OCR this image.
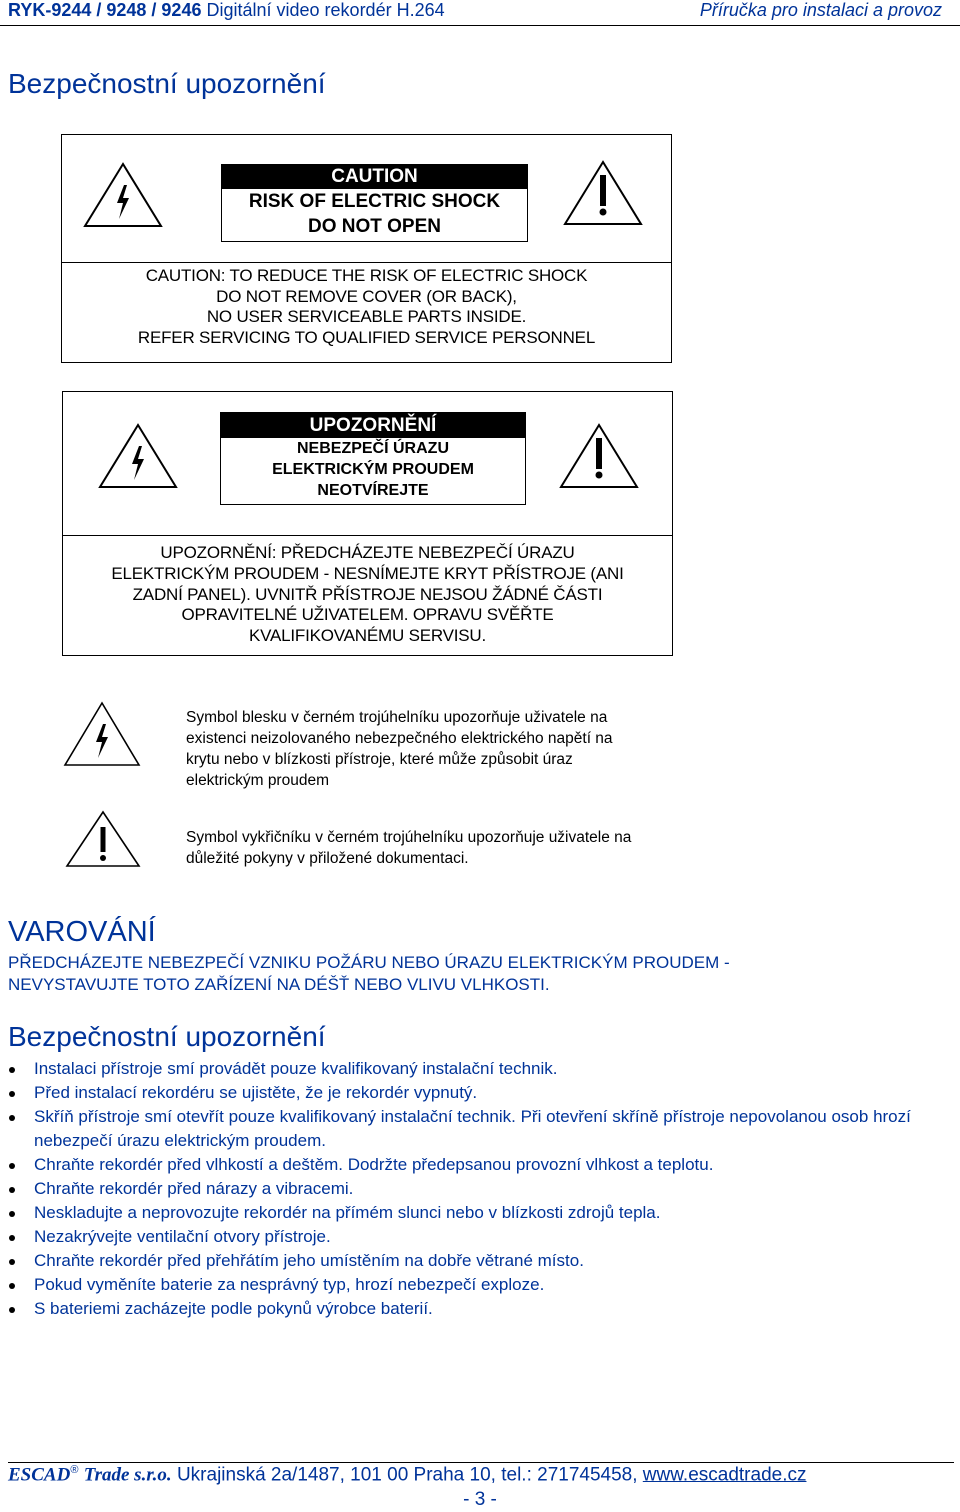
RYK-9244 / 9248 / 9246 Digitální video rekordér H.264	Příručka pro instalaci a provoz
Bezpečnostní upozornění
CAUTION
RISK OF ELECTRIC SHOCK
DO NOT OPEN
CAUTION: TO REDUCE THE RISK OF ELECTRIC SHOCK
DO NOT REMOVE COVER (OR BACK),
NO USER SERVICEABLE PARTS INSIDE.
REFER SERVICING TO QUALIFIED SERVICE PERSONNEL
UPOZORNĚNÍ
NEBEZPEČÍ ÚRAZU
ELEKTRICKÝM PROUDEM
NEOTVÍREJTE
UPOZORNĚNÍ: PŘEDCHÁZEJTE NEBEZPEČÍ ÚRAZU
ELEKTRICKÝM PROUDEM - NESNÍMEJTE KRYT PŘÍSTROJE (ANI
ZADNÍ PANEL). UVNITŘ PŘÍSTROJE NEJSOU ŽÁDNÉ ČÁSTI
OPRAVITELNÉ UŽIVATELEM. OPRAVU SVĚŘTE
KVALIFIKOVANÉMU SERVISU.
Symbol blesku v černém trojúhelníku upozorňuje uživatele na
existenci neizolovaného nebezpečného elektrického napětí na
krytu nebo v blízkosti přístroje, které může způsobit úraz
elektrickým proudem
Symbol vykřičníku v černém trojúhelníku upozorňuje uživatele na
důležité pokyny v přiložené dokumentaci.
VAROVÁNÍ
PŘEDCHÁZEJTE NEBEZPEČÍ VZNIKU POŽÁRU NEBO ÚRAZU ELEKTRICKÝM PROUDEM -
NEVYSTAVUJTE TOTO ZAŘÍZENÍ NA DÉŠŤ NEBO VLIVU VLHKOSTI.
Bezpečnostní upozornění
Instalaci přístroje smí provádět pouze kvalifikovaný instalační technik.
Před instalací rekordéru se ujistěte, že je rekordér vypnutý.
Skříň přístroje smí otevřít pouze kvalifikovaný instalační technik. Při otevření skříně přístroje nepovolanou osob hrozí nebezpečí úrazu elektrickým proudem.
Chraňte rekordér před vlhkostí a deštěm. Dodržte předepsanou provozní vlhkost a teplotu.
Chraňte rekordér před nárazy a vibracemi.
Neskladujte a neprovozujte rekordér na přímém slunci nebo v blízkosti zdrojů tepla.
Nezakrývejte ventilační otvory přístroje.
Chraňte rekordér před přehřátím jeho umístěním na dobře větrané místo.
Pokud vyměníte baterie za nesprávný typ, hrozí nebezpečí exploze.
S bateriemi zacházejte podle pokynů výrobce baterií.
ESCAD® Trade s.r.o. Ukrajinská 2a/1487, 101 00 Praha 10, tel.: 271745458, www.escadtrade.cz
- 3 -
